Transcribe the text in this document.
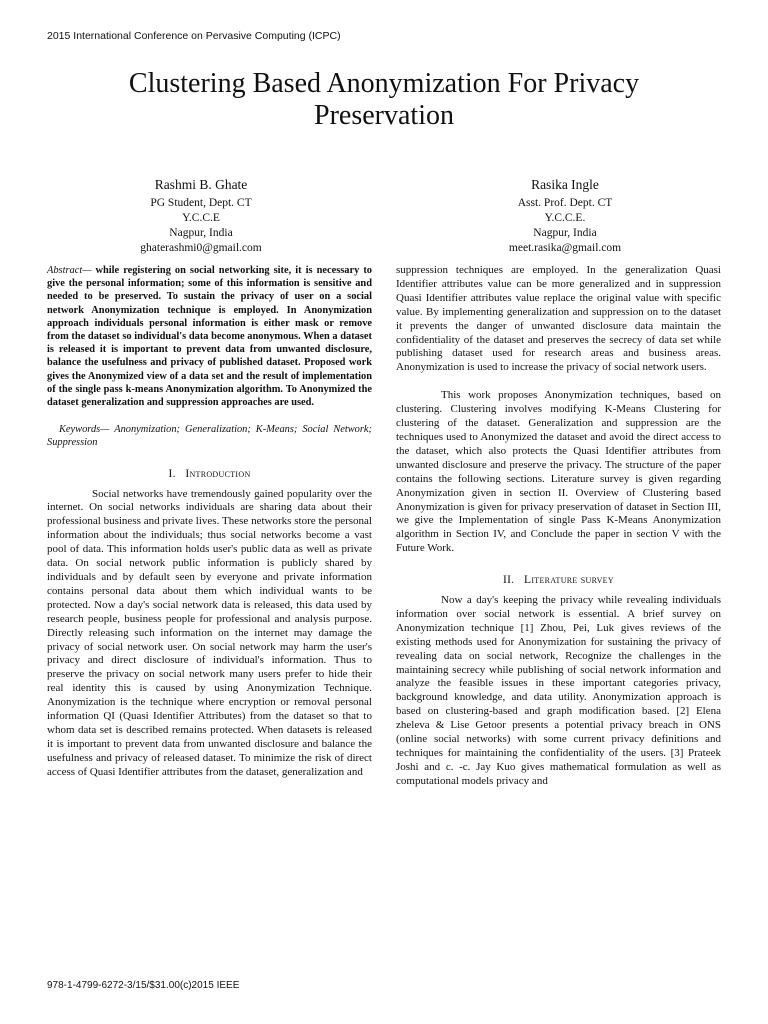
2015 International Conference on Pervasive Computing (ICPC)
Clustering Based Anonymization For Privacy Preservation
Rashmi B. Ghate
PG Student, Dept. CT
Y.C.C.E
Nagpur, India
ghaterashmi0@gmail.com
Rasika Ingle
Asst. Prof. Dept. CT
Y.C.C.E.
Nagpur, India
meet.rasika@gmail.com

Abstract— while registering on social networking site, it is necessary to give the personal information; some of this information is sensitive and needed to be preserved. To sustain the privacy of user on a social network Anonymization technique is employed. In Anonymization approach individuals personal information is either mask or remove from the dataset so individual's data become anonymous. When a dataset is released it is important to prevent data from unwanted disclosure, balance the usefulness and privacy of published dataset. Proposed work gives the Anonymized view of a data set and the result of implementation of the single pass k-means Anonymization algorithm. To Anonymized the dataset generalization and suppression approaches are used.

Keywords— Anonymization; Generalization; K-Means; Social Network; Suppression

I. Introduction

Social networks have tremendously gained popularity over the internet. On social networks individuals are sharing data about their professional business and private lives. These networks store the personal information about the individuals; thus social networks become a vast pool of data. This information holds user's public data as well as private data. On social network public information is publicly shared by individuals and by default seen by everyone and private information contains personal data about them which individual wants to be protected. Now a day's social network data is released, this data used by research people, business people for professional and analysis purpose. Directly releasing such information on the internet may damage the privacy of social network user. On social network may harm the user's privacy and direct disclosure of individual's information. Thus to preserve the privacy on social network many users prefer to hide their real identity this is caused by using Anonymization Technique. Anonymization is the technique where encryption or removal personal information QI (Quasi Identifier Attributes) from the dataset so that to whom data set is described remains protected. When datasets is released it is important to prevent data from unwanted disclosure and balance the usefulness and privacy of released dataset. To minimize the risk of direct access of Quasi Identifier attributes from the dataset, generalization and

suppression techniques are employed. In the generalization Quasi Identifier attributes value can be more generalized and in suppression Quasi Identifier attributes value replace the original value with specific value. By implementing generalization and suppression on to the dataset it prevents the danger of unwanted disclosure data maintain the confidentiality of the dataset and preserves the secrecy of data set while publishing dataset used for research areas and business areas. Anonymization is used to increase the privacy of social network users.

This work proposes Anonymization techniques, based on clustering. Clustering involves modifying K-Means Clustering for clustering of the dataset. Generalization and suppression are the techniques used to Anonymized the dataset and avoid the direct access to the dataset, which also protects the Quasi Identifier attributes from unwanted disclosure and preserve the privacy. The structure of the paper contains the following sections. Literature survey is given regarding Anonymization given in section II. Overview of Clustering based Anonymization is given for privacy preservation of dataset in Section III, we give the Implementation of single Pass K-Means Anonymization algorithm in Section IV, and Conclude the paper in section V with the Future Work.

II. Literature survey

Now a day's keeping the privacy while revealing individuals information over social network is essential. A brief survey on Anonymization technique [1] Zhou, Pei, Luk gives reviews of the existing methods used for Anonymization for sustaining the privacy of revealing data on social network, Recognize the challenges in the maintaining secrecy while publishing of social network information and analyze the feasible issues in these important categories privacy, background knowledge, and data utility. Anonymization approach is based on clustering-based and graph modification based. [2] Elena zheleva & Lise Getoor presents a potential privacy breach in ONS (online social networks) with some current privacy definitions and techniques for maintaining the confidentiality of the users. [3] Prateek Joshi and c. -c. Jay Kuo gives mathematical formulation as well as computational models privacy and

978-1-4799-6272-3/15/$31.00(c)2015 IEEE
